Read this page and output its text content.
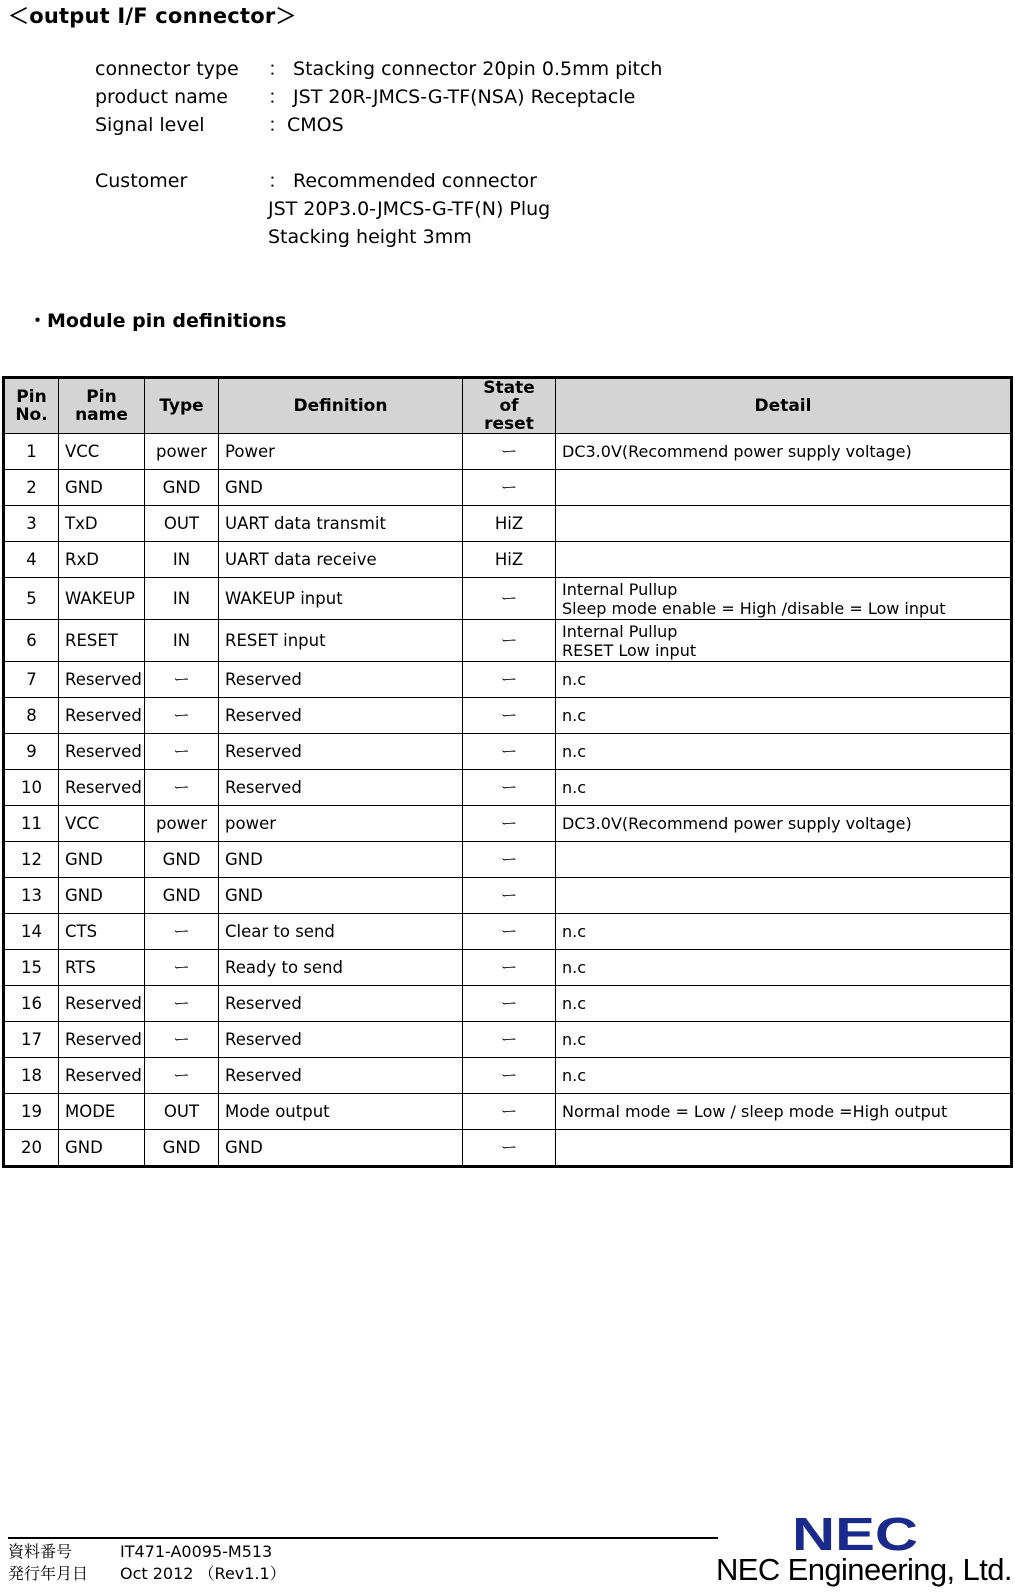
＜output I/F connector＞
connector type ： Stacking connector 20pin 0.5mm pitch
product name ： JST 20R-JMCS-G-TF(NSA) Receptacle
Signal level	：CMOS
Customer	： Recommended connector
JST 20P3.0-JMCS-G-TF(N) Plug
Stacking height 3mm
・Module pin definitions
Pin No.	Pin name	Type	Definition	State of reset	Detail
1	VCC	power	Power	ー	DC3.0V(Recommend power supply voltage)

2	GND	GND	GND	ー	
3	TxD	OUT	UART data transmit	HiZ	
4	RxD	IN	UART data receive	HiZ	
5	WAKEUP	IN	WAKEUP input	ー	Internal Pullup
Sleep mode enable = High /disable = Low input

6	RESET	IN	RESET input	ー	Internal Pullup
RESET Low input

7	Reserved	ー	Reserved	ー	n.c

8	Reserved	ー	Reserved	ー	n.c

9	Reserved	ー	Reserved	ー	n.c

10	Reserved	ー	Reserved	ー	n.c

11	VCC	power	power	ー	DC3.0V(Recommend power supply voltage)

12	GND	GND	GND	ー	
13	GND	GND	GND	ー	
14	CTS	ー	Clear to send	ー	n.c

15	RTS	ー	Ready to send	ー	n.c

16	Reserved	ー	Reserved	ー	n.c

17	Reserved	ー	Reserved	ー	n.c

18	Reserved	ー	Reserved	ー	n.c

19	MODE	OUT	Mode output	ー	Normal mode = Low / sleep mode =High output

20	GND	GND	GND	ー	
資料番号	IT471-A0095-M513
発行年月日 Oct 2012 （Rev1.1）
NEC
NEC Engineering, Ltd.
